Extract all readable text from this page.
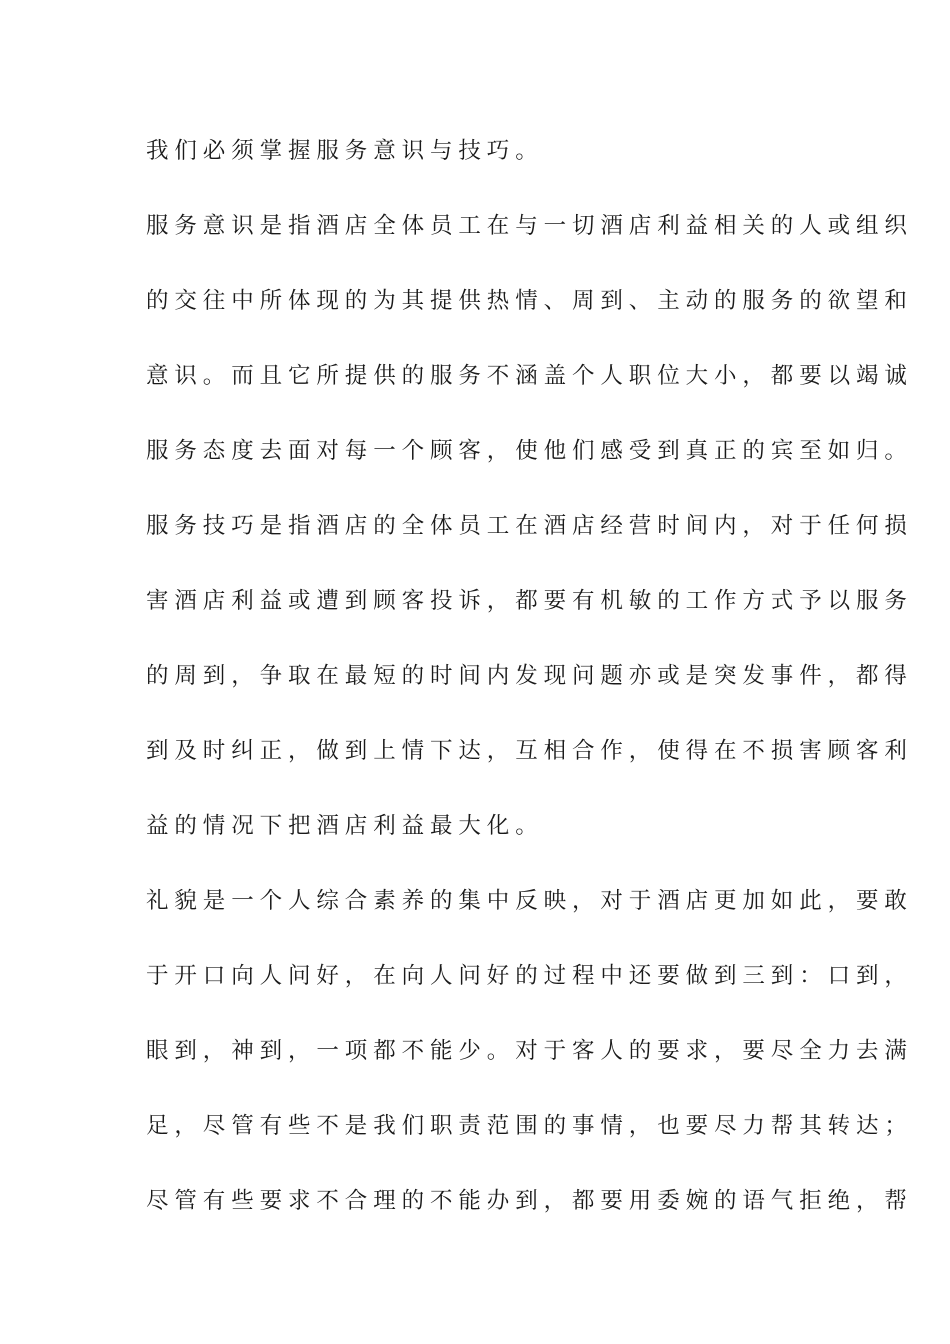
我们必须掌握服务意识与技巧。
服务意识是指酒店全体员工在与一切酒店利益相关的人或组织
的交往中所体现的为其提供热情、周到、主动的服务的欲望和
意识。而且它所提供的服务不涵盖个人职位大小，都要以竭诚
服务态度去面对每一个顾客，使他们感受到真正的宾至如归。
服务技巧是指酒店的全体员工在酒店经营时间内，对于任何损
害酒店利益或遭到顾客投诉，都要有机敏的工作方式予以服务
的周到，争取在最短的时间内发现问题亦或是突发事件，都得
到及时纠正，做到上情下达，互相合作，使得在不损害顾客利
益的情况下把酒店利益最大化。
礼貌是一个人综合素养的集中反映，对于酒店更加如此，要敢
于开口向人问好，在向人问好的过程中还要做到三到：口到，
眼到，神到，一项都不能少。对于客人的要求，要尽全力去满
足，尽管有些不是我们职责范围的事情，也要尽力帮其转达；
尽管有些要求不合理的不能办到，都要用委婉的语气拒绝，帮
